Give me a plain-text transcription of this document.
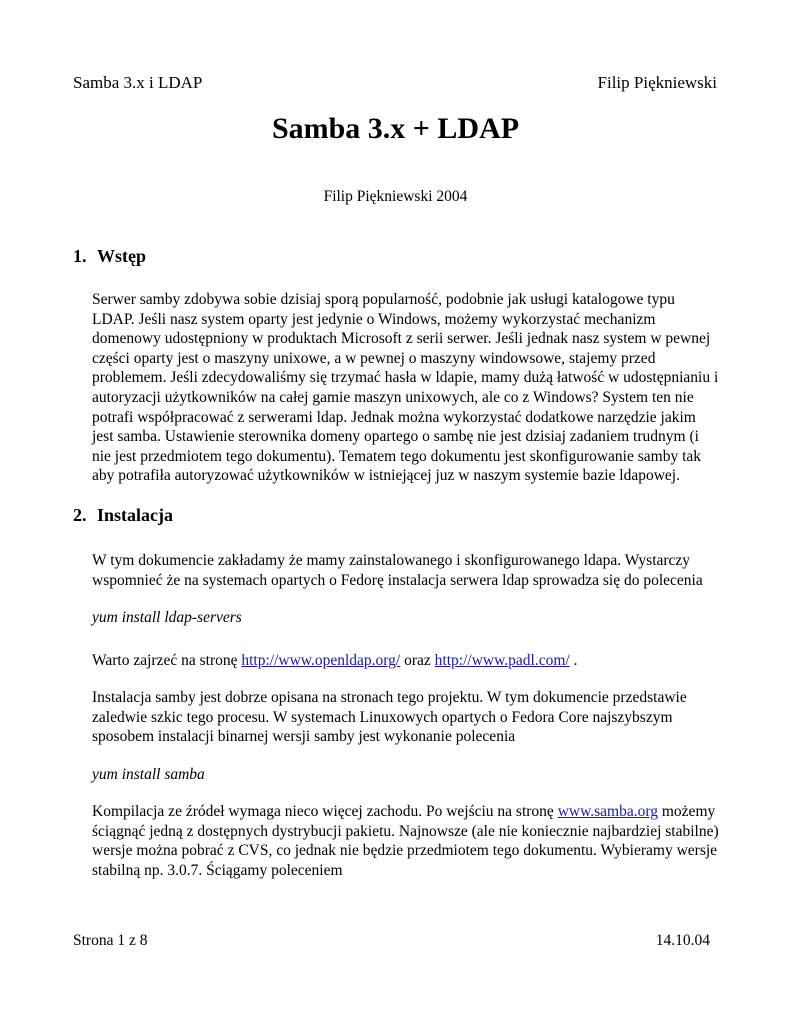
Samba 3.x i LDAP	Filip Piękniewski
Samba 3.x + LDAP
Filip Piękniewski 2004
1. Wstęp

Serwer samby zdobywa sobie dzisiaj sporą popularność, podobnie jak usługi katalogowe typu

LDAP. Jeśli nasz system oparty jest jedynie o Windows, możemy wykorzystać mechanizm

domenowy udostępniony w produktach Microsoft z serii serwer. Jeśli jednak nasz system w pewnej

części oparty jest o maszyny unixowe, a w pewnej o maszyny windowsowe, stajemy przed

problemem. Jeśli zdecydowaliśmy się trzymać hasła w ldapie, mamy dużą łatwość w udostępnianiu i

autoryzacji użytkowników na całej gamie maszyn unixowych, ale co z Windows? System ten nie

potrafi współpracować z serwerami ldap. Jednak można wykorzystać dodatkowe narzędzie jakim

jest samba. Ustawienie sterownika domeny opartego o sambę nie jest dzisiaj zadaniem trudnym (i

nie jest przedmiotem tego dokumentu). Tematem tego dokumentu jest skonfigurowanie samby tak

aby potrafiła autoryzować użytkowników w istniejącej juz w naszym systemie bazie ldapowej.

2. Instalacja

W tym dokumencie zakładamy że mamy zainstalowanego i skonfigurowanego ldapa. Wystarczy

wspomnieć że na systemach opartych o Fedorę instalacja serwera ldap sprowadza się do polecenia

yum install ldap-servers

Warto zajrzeć na stronę http://www.openldap.org/ oraz http://www.padl.com/ .

Instalacja samby jest dobrze opisana na stronach tego projektu. W tym dokumencie przedstawie

zaledwie szkic tego procesu. W systemach Linuxowych opartych o Fedora Core najszybszym

sposobem instalacji binarnej wersji samby jest wykonanie polecenia

yum install samba

Kompilacja ze źródeł wymaga nieco więcej zachodu. Po wejściu na stronę www.samba.org możemy

ściągnąć jedną z dostępnych dystrybucji pakietu. Najnowsze (ale nie koniecznie najbardziej stabilne)

wersje można pobrać z CVS, co jednak nie będzie przedmiotem tego dokumentu. Wybieramy wersje

stabilną np. 3.0.7. Ściągamy poleceniem

Strona 1 z 8	14.10.04
